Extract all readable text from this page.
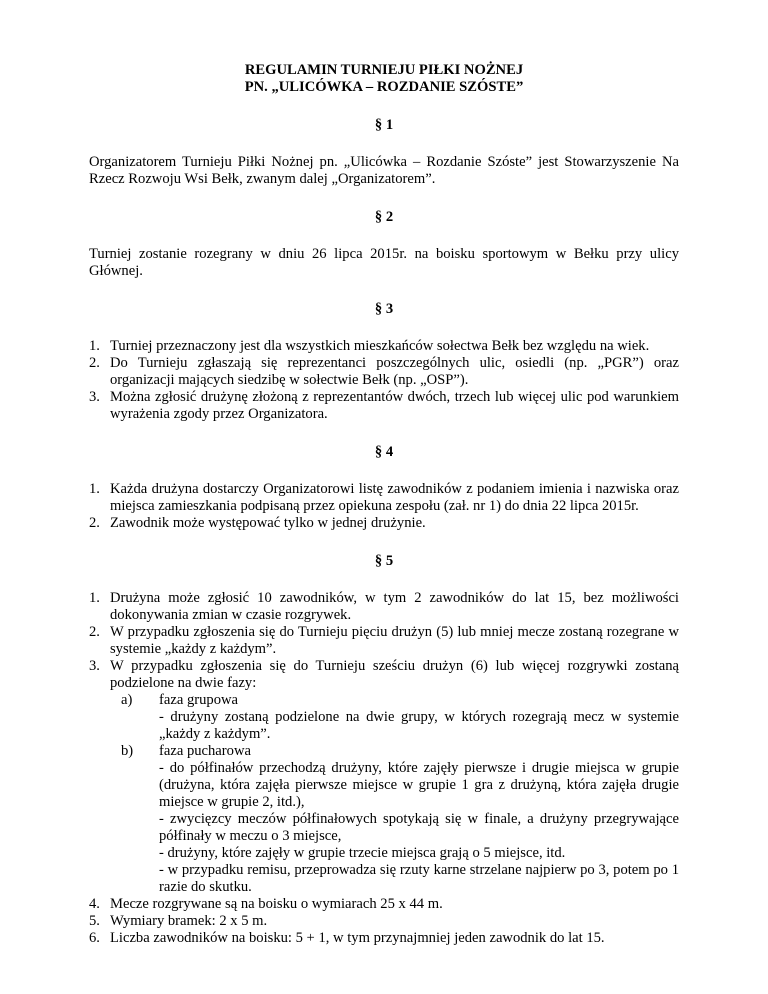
REGULAMIN TURNIEJU PIŁKI NOŻNEJ

PN. „ULICÓWKA – ROZDANIE SZÓSTE”

§ 1

Organizatorem Turnieju Piłki Nożnej pn. „Ulicówka – Rozdanie Szóste” jest Stowarzyszenie Na Rzecz Rozwoju Wsi Bełk, zwanym dalej „Organizatorem”.

§ 2

Turniej zostanie rozegrany w dniu 26 lipca 2015r. na boisku sportowym w Bełku przy ulicy Głównej.

§ 3

1. Turniej przeznaczony jest dla wszystkich mieszkańców sołectwa Bełk bez względu na wiek.
2. Do Turnieju zgłaszają się reprezentanci poszczególnych ulic, osiedli (np. „PGR”) oraz organizacji mających siedzibę w sołectwie Bełk (np. „OSP”).
3. Można zgłosić drużynę złożoną z reprezentantów dwóch, trzech lub więcej ulic pod warunkiem wyrażenia zgody przez Organizatora.

§ 4

1. Każda drużyna dostarczy Organizatorowi listę zawodników z podaniem imienia i nazwiska oraz miejsca zamieszkania podpisaną przez opiekuna zespołu (zał. nr 1) do dnia 22 lipca 2015r.
2. Zawodnik może występować tylko w jednej drużynie.

§ 5

1. Drużyna może zgłosić 10 zawodników, w tym 2 zawodników do lat 15, bez możliwości dokonywania zmian w czasie rozgrywek.
2. W przypadku zgłoszenia się do Turnieju pięciu drużyn (5) lub mniej mecze zostaną rozegrane w systemie „każdy z każdym”.
3. W przypadku zgłoszenia się do Turnieju sześciu drużyn (6) lub więcej rozgrywki zostaną podzielone na dwie fazy:
a)	faza grupowa
- drużyny zostaną podzielone na dwie grupy, w których rozegrają mecz w systemie „każdy z każdym”.
b)	faza pucharowa
- do półfinałów przechodzą drużyny, które zajęły pierwsze i drugie miejsca w grupie (drużyna, która zajęła pierwsze miejsce w grupie 1 gra z drużyną, która zajęła drugie miejsce w grupie 2, itd.),
- zwycięzcy meczów półfinałowych spotykają się w finale, a drużyny przegrywające półfinały w meczu o 3 miejsce,
- drużyny, które zajęły w grupie trzecie miejsca grają o 5 miejsce, itd.
- w przypadku remisu, przeprowadza się rzuty karne strzelane najpierw po 3, potem po 1 razie do skutku.
4. Mecze rozgrywane są na boisku o wymiarach 25 x 44 m.
5. Wymiary bramek: 2 x 5 m.
6. Liczba zawodników na boisku: 5 + 1, w tym przynajmniej jeden zawodnik do lat 15.
